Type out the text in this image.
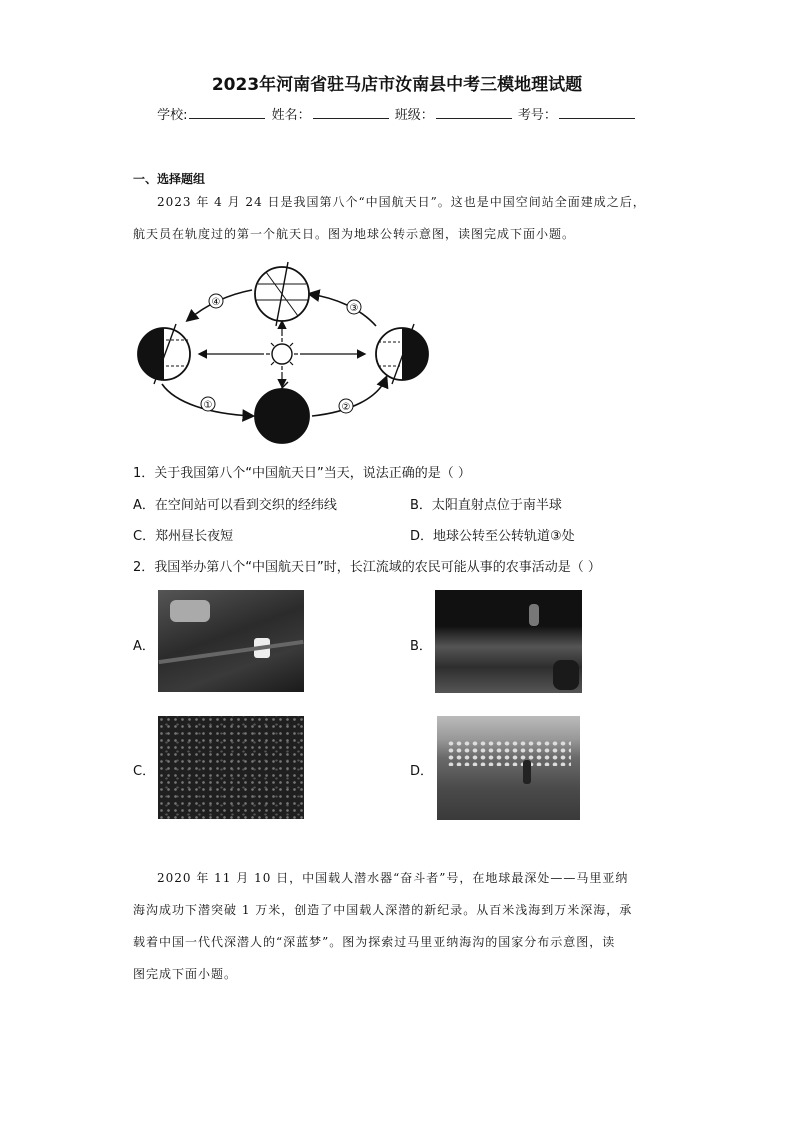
2023年河南省驻马店市汝南县中考三模地理试题
学校:	姓名：	班级：	考号：
一、选择题组
2023 年 4 月 24 日是我国第八个“中国航天日”。这也是中国空间站全面建成之后，
航天员在轨度过的第一个航天日。图为地球公转示意图，读图完成下面小题。
④
③
①	②
1．关于我国第八个“中国航天日”当天，说法正确的是（ ）
A．在空间站可以看到交织的经纬线	B．太阳直射点位于南半球
C．郑州昼长夜短	D．地球公转至公转轨道③处
2．我国举办第八个“中国航天日”时，长江流域的农民可能从事的农事活动是（ ）
A．	B．
C．	D．
2020 年 11 月 10 日，中国载人潜水器“奋斗者”号，在地球最深处——马里亚纳
海沟成功下潜突破 1 万米，创造了中国载人深潜的新纪录。从百米浅海到万米深海，承
载着中国一代代深潜人的“深蓝梦”。图为探索过马里亚纳海沟的国家分布示意图，读
图完成下面小题。
